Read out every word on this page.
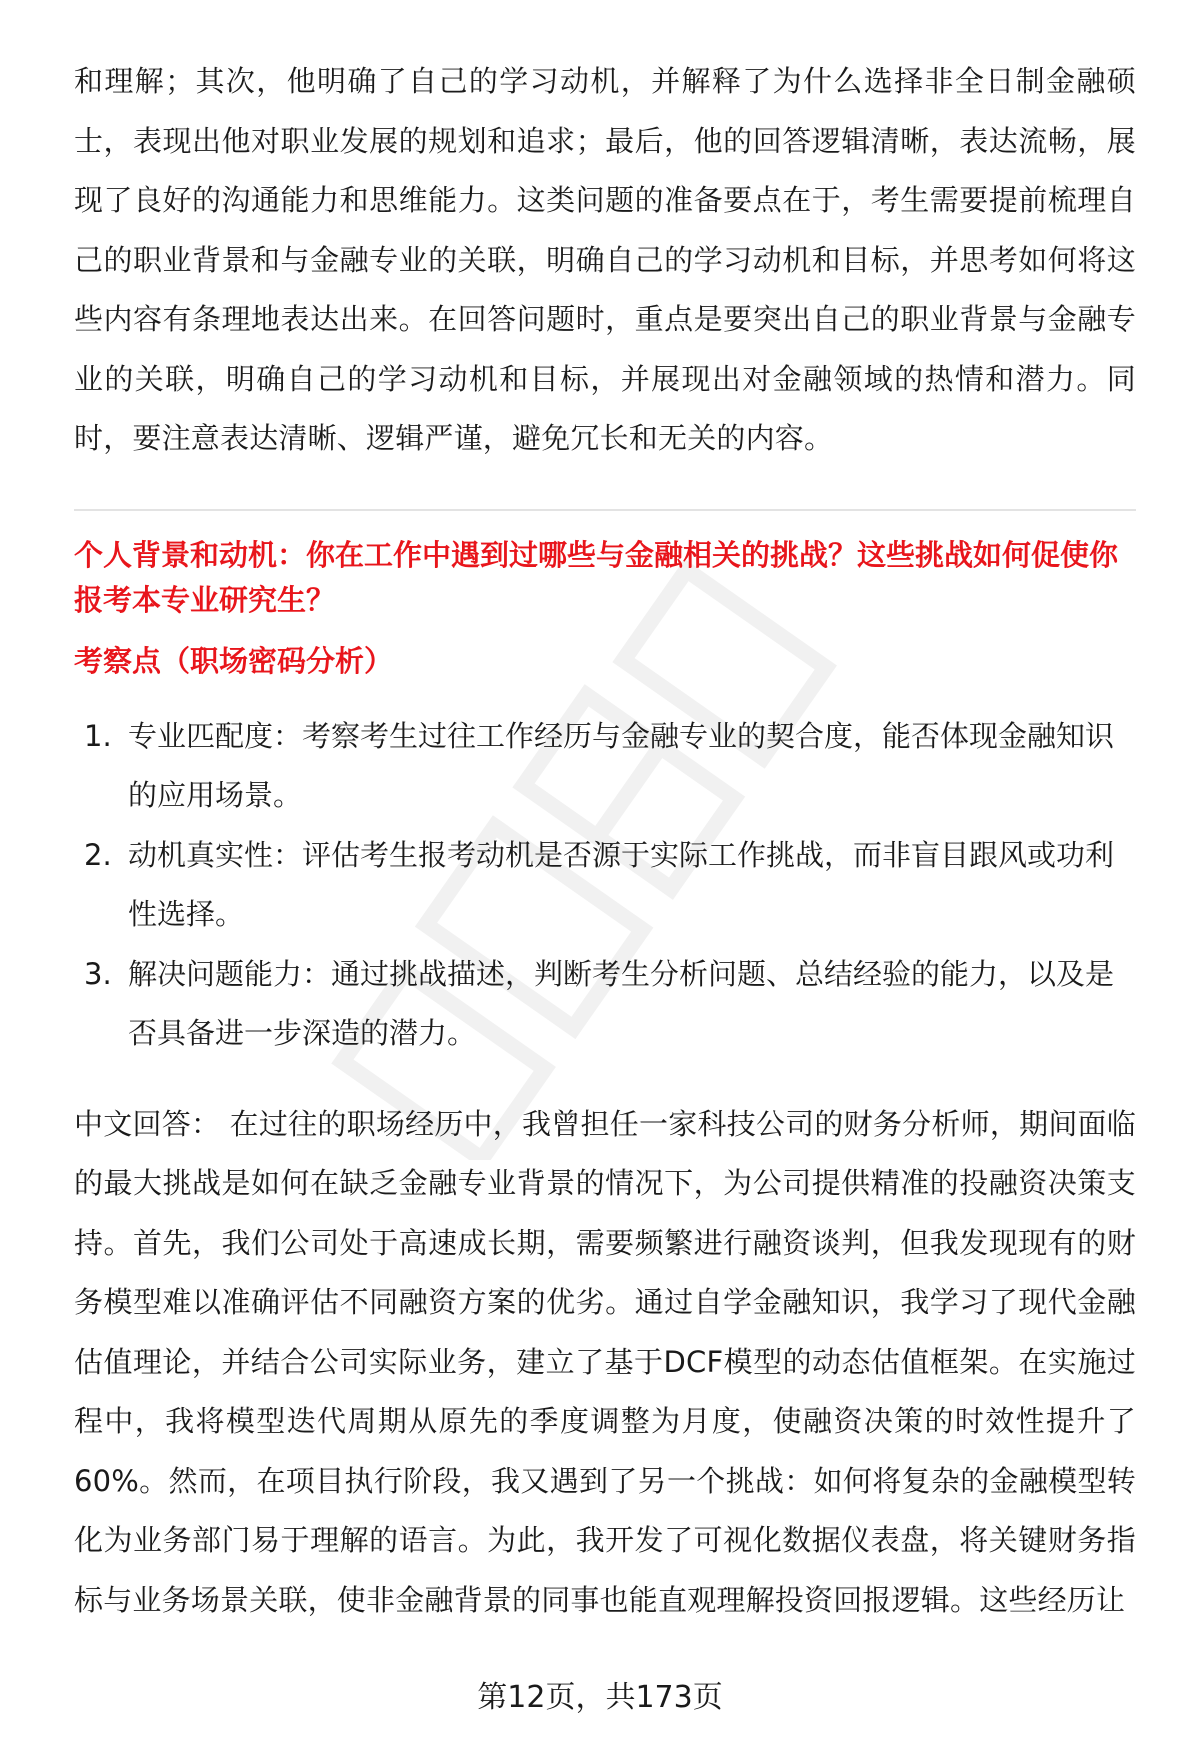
和理解；其次，他明确了自己的学习动机，并解释了为什么选择非全日制金融硕士，表现出他对职业发展的规划和追求；最后，他的回答逻辑清晰，表达流畅，展现了良好的沟通能力和思维能力。这类问题的准备要点在于，考生需要提前梳理自己的职业背景和与金融专业的关联，明确自己的学习动机和目标，并思考如何将这些内容有条理地表达出来。在回答问题时，重点是要突出自己的职业背景与金融专业的关联，明确自己的学习动机和目标，并展现出对金融领域的热情和潜力。同时，要注意表达清晰、逻辑严谨，避免冗长和无关的内容。

个人背景和动机：你在工作中遇到过哪些与金融相关的挑战？这些挑战如何促使你报考本专业研究生？

考察点（职场密码分析）

1. 专业匹配度：考察考生过往工作经历与金融专业的契合度，能否体现金融知识的应用场景。
2. 动机真实性：评估考生报考动机是否源于实际工作挑战，而非盲目跟风或功利性选择。
3. 解决问题能力：通过挑战描述，判断考生分析问题、总结经验的能力，以及是否具备进一步深造的潜力。

中文回答： 在过往的职场经历中，我曾担任一家科技公司的财务分析师，期间面临的最大挑战是如何在缺乏金融专业背景的情况下，为公司提供精准的投融资决策支持。首先，我们公司处于高速成长期，需要频繁进行融资谈判，但我发现现有的财务模型难以准确评估不同融资方案的优劣。通过自学金融知识，我学习了现代金融估值理论，并结合公司实际业务，建立了基于DCF模型的动态估值框架。在实施过程中，我将模型迭代周期从原先的季度调整为月度，使融资决策的时效性提升了60%。然而，在项目执行阶段，我又遇到了另一个挑战：如何将复杂的金融模型转化为业务部门易于理解的语言。为此，我开发了可视化数据仪表盘，将关键财务指标与业务场景关联，使非金融背景的同事也能直观理解投资回报逻辑。这些经历让

第12页，共173页
